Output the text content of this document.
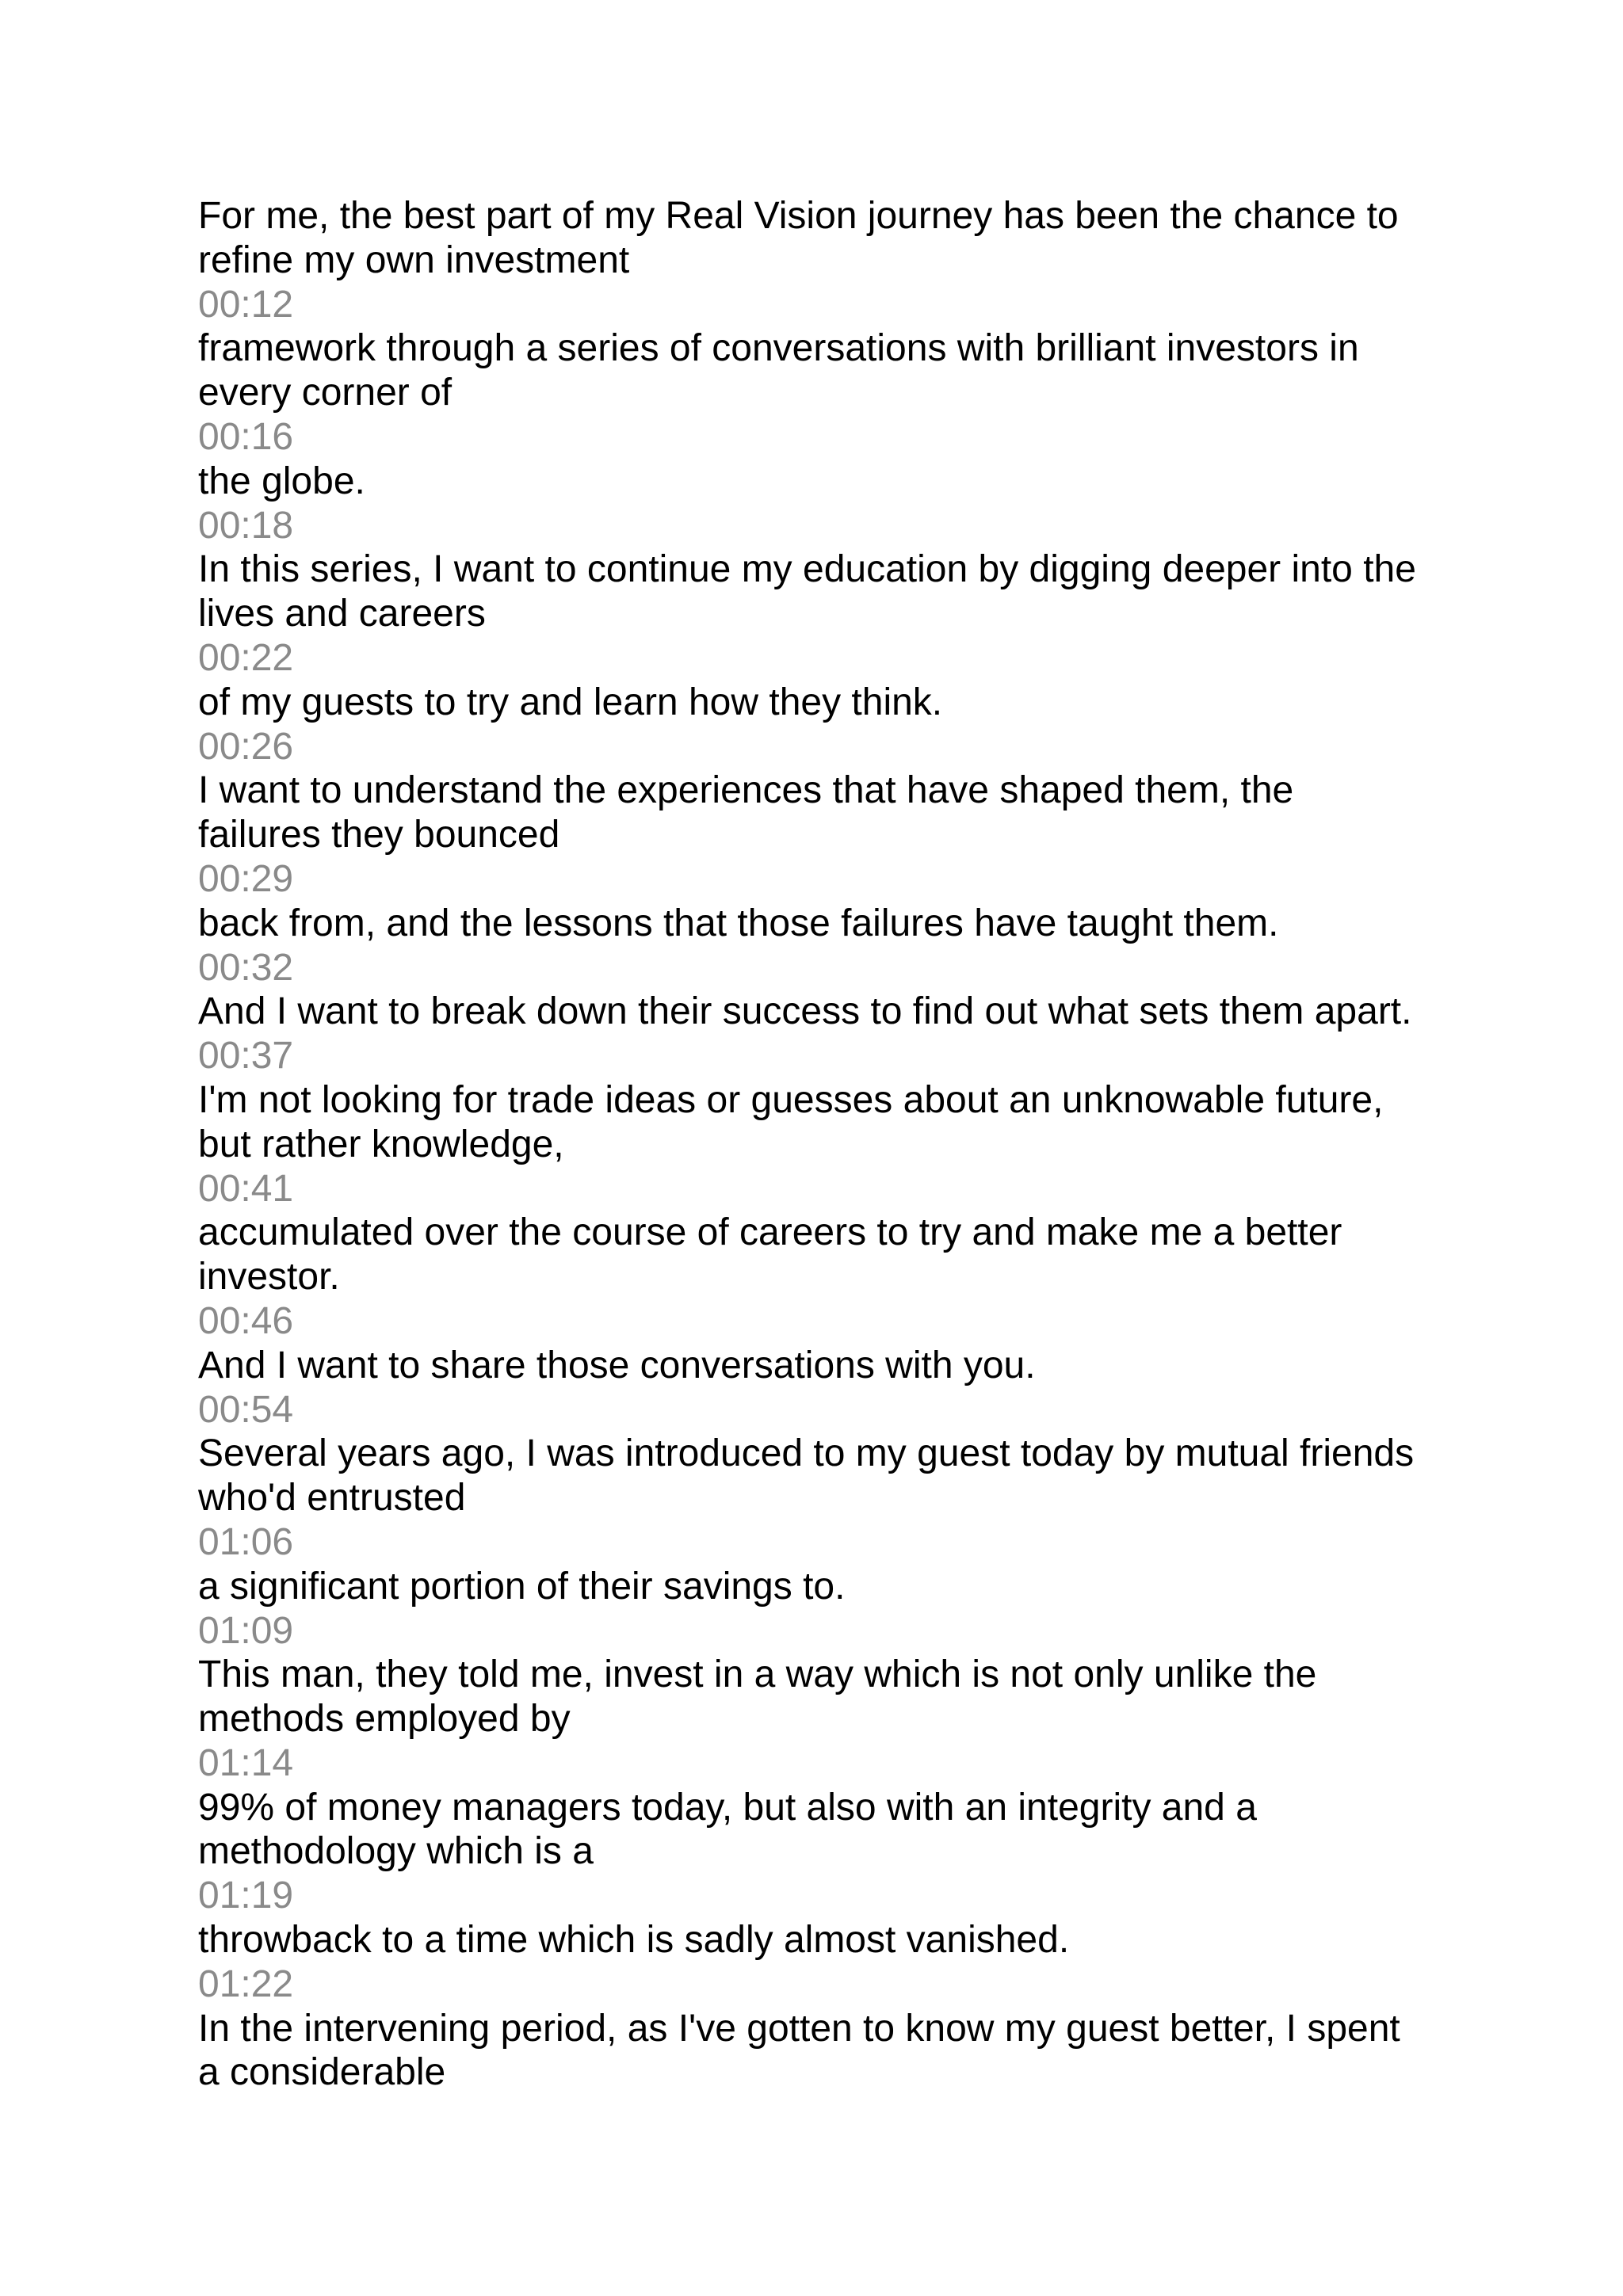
For me, the best part of my Real Vision journey has been the chance to
refine my own investment
00:12
framework through a series of conversations with brilliant investors in
every corner of
00:16
the globe.
00:18
In this series, I want to continue my education by digging deeper into the
lives and careers
00:22
of my guests to try and learn how they think.
00:26
I want to understand the experiences that have shaped them, the
failures they bounced
00:29
back from, and the lessons that those failures have taught them.
00:32
And I want to break down their success to find out what sets them apart.
00:37
I'm not looking for trade ideas or guesses about an unknowable future,
but rather knowledge,
00:41
accumulated over the course of careers to try and make me a better
investor.
00:46
And I want to share those conversations with you.
00:54
Several years ago, I was introduced to my guest today by mutual friends
who'd entrusted
01:06
a significant portion of their savings to.
01:09
This man, they told me, invest in a way which is not only unlike the
methods employed by
01:14
99% of money managers today, but also with an integrity and a
methodology which is a
01:19
throwback to a time which is sadly almost vanished.
01:22
In the intervening period, as I've gotten to know my guest better, I spent
a considerable
